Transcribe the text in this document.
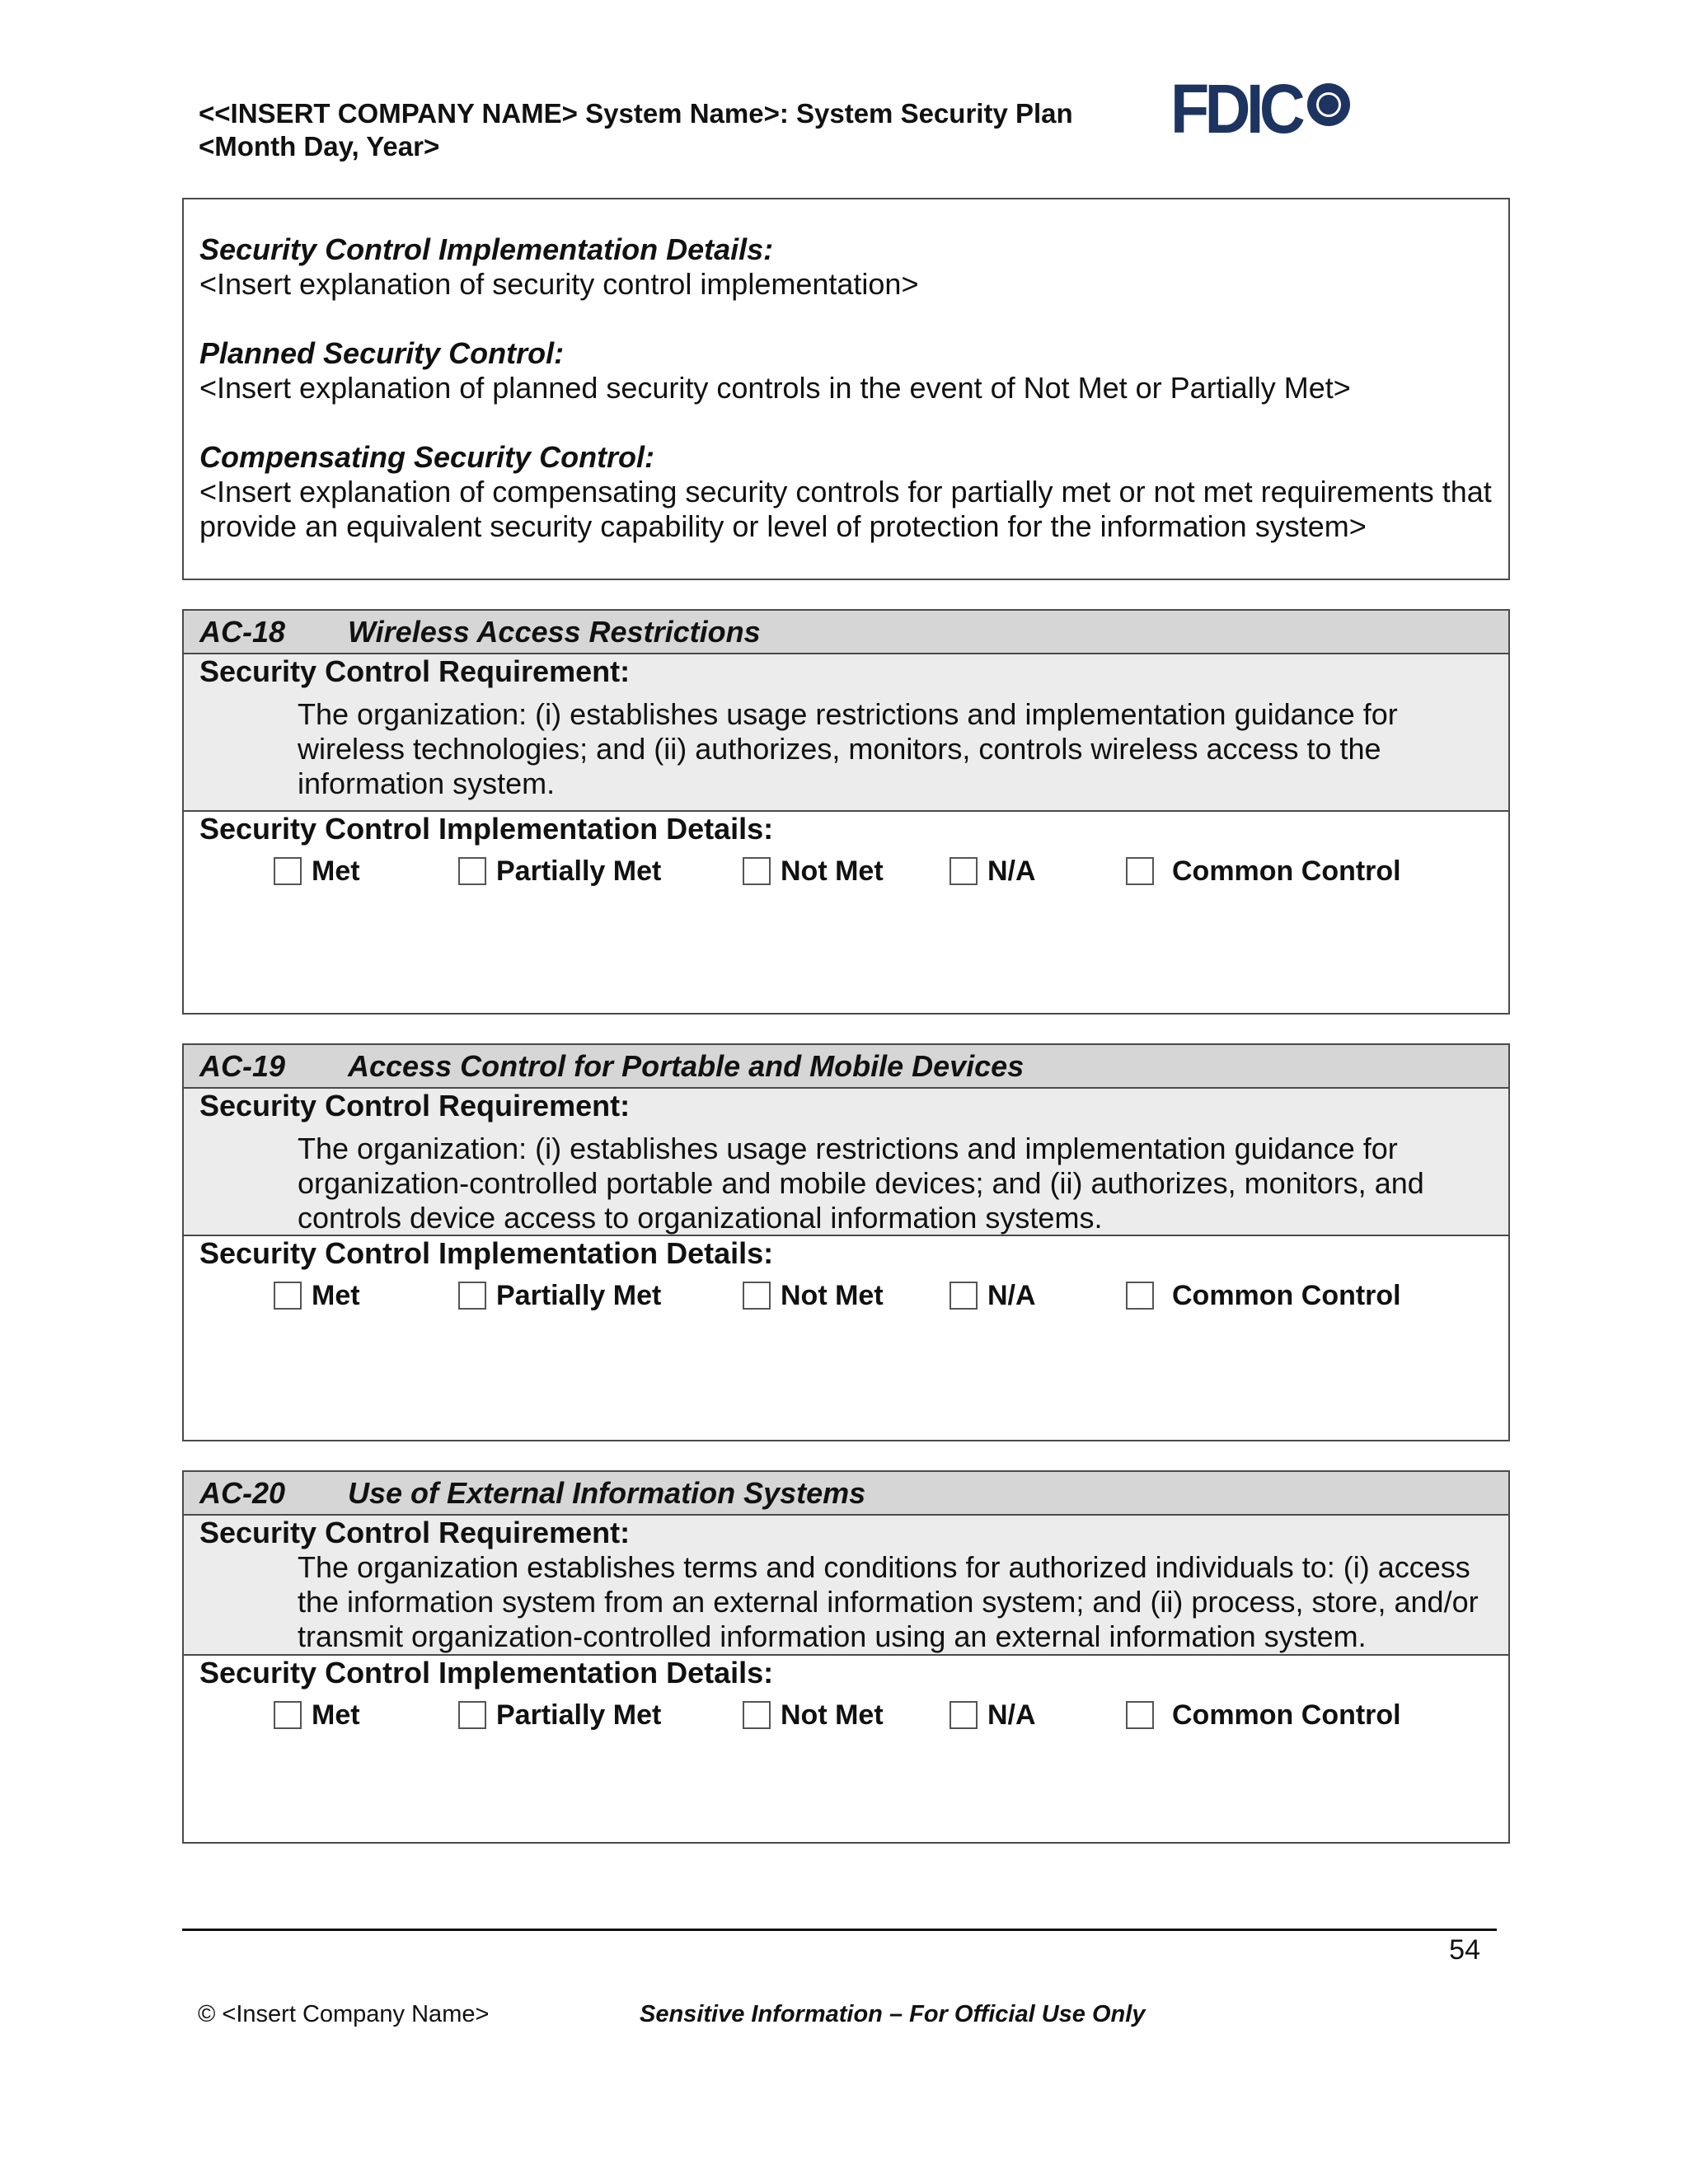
<<INSERT COMPANY NAME> System Name>: System Security Plan
<Month Day, Year>	FDIC
Security Control Implementation Details:
<Insert explanation of security control implementation>
Planned Security Control:
<Insert explanation of planned security controls in the event of Not Met or Partially Met>
Compensating Security Control:
<Insert explanation of compensating security controls for partially met or not met requirements that provide an equivalent security capability or level of protection for the information system>
AC-18 Wireless Access Restrictions
Security Control Requirement:
The organization: (i) establishes usage restrictions and implementation guidance for wireless technologies; and (ii) authorizes, monitors, controls wireless access to the information system.
Security Control Implementation Details:
Met	Partially Met	Not Met	N/A	Common Control
AC-19 Access Control for Portable and Mobile Devices
Security Control Requirement:
The organization: (i) establishes usage restrictions and implementation guidance for organization-controlled portable and mobile devices; and (ii) authorizes, monitors, and controls device access to organizational information systems.
Security Control Implementation Details:
Met	Partially Met	Not Met	N/A	Common Control
AC-20 Use of External Information Systems
Security Control Requirement:
The organization establishes terms and conditions for authorized individuals to: (i) access the information system from an external information system; and (ii) process, store, and/or transmit organization-controlled information using an external information system.
Security Control Implementation Details:
Met	Partially Met	Not Met	N/A	Common Control
54
© <Insert Company Name>	Sensitive Information – For Official Use Only
